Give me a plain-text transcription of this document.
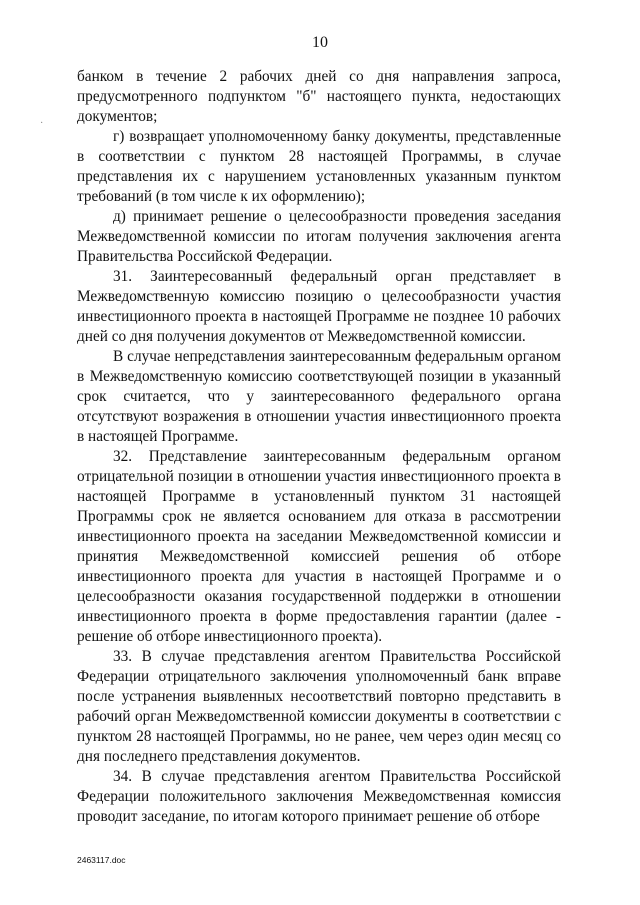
10
·

банком в течение 2 рабочих дней со дня направления запроса, предусмотренного подпунктом "б" настоящего пункта, недостающих документов;

г) возвращает уполномоченному банку документы, представленные в соответствии с пунктом 28 настоящей Программы, в случае представления их с нарушением установленных указанным пунктом требований (в том числе к их оформлению);

д) принимает решение о целесообразности проведения заседания Межведомственной комиссии по итогам получения заключения агента Правительства Российской Федерации.

31. Заинтересованный федеральный орган представляет в Межведомственную комиссию позицию о целесообразности участия инвестиционного проекта в настоящей Программе не позднее 10 рабочих дней со дня получения документов от Межведомственной комиссии.

В случае непредставления заинтересованным федеральным органом в Межведомственную комиссию соответствующей позиции в указанный срок считается, что у заинтересованного федерального органа отсутствуют возражения в отношении участия инвестиционного проекта в настоящей Программе.

32. Представление заинтересованным федеральным органом отрицательной позиции в отношении участия инвестиционного проекта в настоящей Программе в установленный пунктом 31 настоящей Программы срок не является основанием для отказа в рассмотрении инвестиционного проекта на заседании Межведомственной комиссии и принятия Межведомственной комиссией решения об отборе инвестиционного проекта для участия в настоящей Программе и о целесообразности оказания государственной поддержки в отношении инвестиционного проекта в форме предоставления гарантии (далее - решение об отборе инвестиционного проекта).

33. В случае представления агентом Правительства Российской Федерации отрицательного заключения уполномоченный банк вправе после устранения выявленных несоответствий повторно представить в рабочий орган Межведомственной комиссии документы в соответствии с пунктом 28 настоящей Программы, но не ранее, чем через один месяц со дня последнего представления документов.

34. В случае представления агентом Правительства Российской Федерации положительного заключения Межведомственная комиссия проводит заседание, по итогам которого принимает решение об отборе

2463117.doc
